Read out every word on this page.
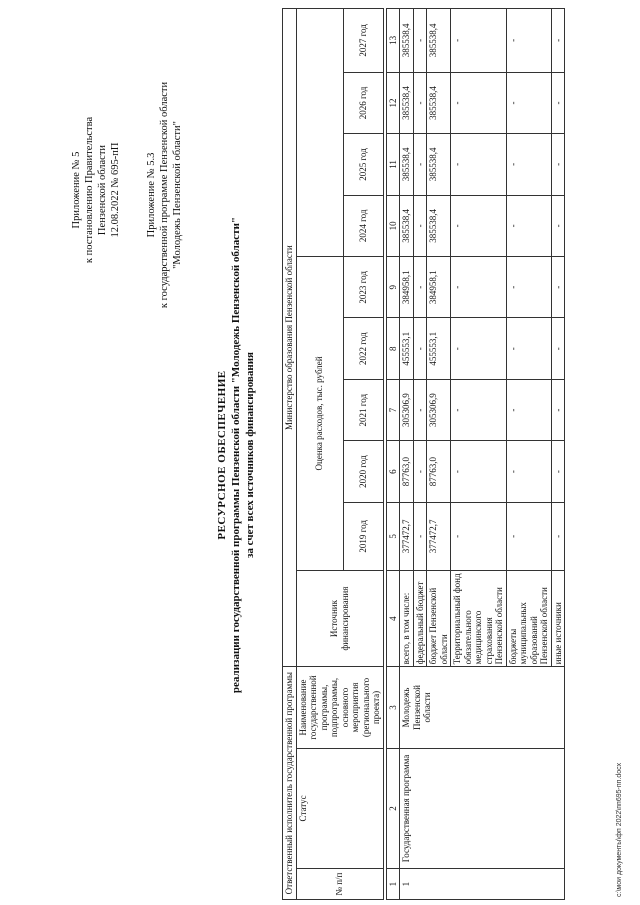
Приложение № 5 к постановлению Правительства Пензенской области 12.08.2022 № 695-пП Приложение № 5.3 к государственной программе Пензенской области "Молодежь Пензенской области"
РЕСУРСНОЕ ОБЕСПЕЧЕНИЕ реализации государственной программы Пензенской области "Молодежь Пензенской области" за счет всех источников финансирования
Ответственный исполнитель государственной программы			Министерство образования Пензенской области									
№ п/п	Статус	Наименование государственной программы, подпрограммы, основного мероприятия (регионального проекта)	Источник финансирования	Оценка расходов, тыс. рублей								
				2019 год	2020 год	2021 год	2022 год	2023 год	2024 год	2025 год	2026 год	2027 год

1	2	3	4	5	6	7	8	9	10	11	12	13
1	Государственная программа	Молодежь Пензенской области	всего, в том числе:	377472,7	87763,0	305306,9	455553,1	384958,1	385538,4	385538,4	385538,4	385538,4
			федеральный бюджет	-	-	-	-	-	-	-	-	-
			бюджет Пензенской области	377472,7	87763,0	305306,9	455553,1	384958,1	385538,4	385538,4	385538,4	385538,4
			Территориальный фонд обязательного медицинского страхования Пензенской области	-	-	-	-	-	-	-	-	-
			бюджеты муниципальных образований Пензенской области	-	-	-	-	-	-	-	-	-
			иные источники	-	-	-	-	-	-	-	-	-
c:\мои документы\фп 2022\пп695-пп.docx
